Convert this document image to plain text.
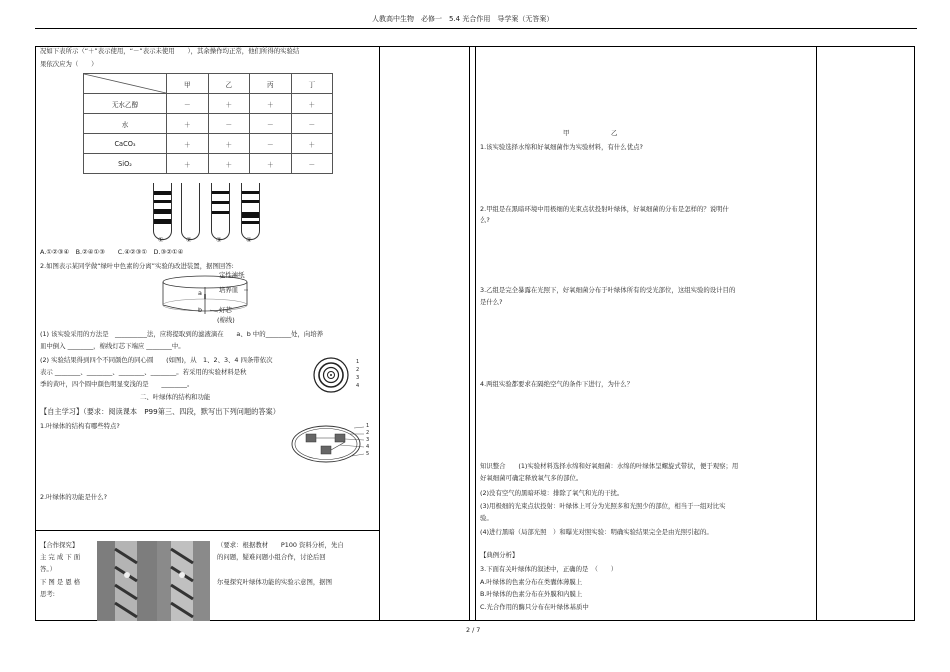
人教高中生物　必修一　5.4 光合作用　导学案（无答案）
况如下表所示（“＋”表示使用，“－”表示未使用　　），其余操作均正常，他们所得的实验结
果依次应为（　　）
	甲	乙	丙	丁
无水乙醇	－	＋	＋	＋
水	＋	－	－	－
CaCO₃	＋	＋	－	＋
SiO₂	＋	＋	＋	－
①	②	③	④
A.①②③④　B.②④①③　　C.④②③①　D.③②①④
2.如图表示某同学做“绿叶中色素的分离”实验的改进装置，据图回答:
定性滤纸
培养皿
灯芯
(棉线)
a
b
(1) 该实验采用的方法是　__________法，应将提取到的滤液滴在　　a、b 中的________处，向培养
皿中倒入 ________，棉线灯芯下端应 ________中。
(2) 实验结果得到四个不同颜色的同心圆　　(如图)，从　1、2、3、4 四条带依次
表示 ________、________、________、________。若采用的实验材料是秋
季的黄叶，四个圆中颜色明显变浅的是　　________。
1
2
3
4
二、叶绿体的结构和功能
【自主学习】（要求：阅读课本　P99第三、四段，默写出下列问题的答案）
1.叶绿体的结构有哪些特点?	1
2
3
4
5
2.叶绿体的功能是什么?
【合作探究】
主 完 成 下 面
答。）
下 图 是 恩 格
思考:
（要求：根据教材　　P100 资料分析，先自
的问题，疑难问题小组合作，讨论后回
尔曼探究叶绿体功能的实验示意图，据图
甲	乙
1.该实验选择水绵和好氧细菌作为实验材料，有什么优点?
2.甲组是在黑暗环境中用极细的光束点状投射叶绿体，好氧细菌的分布是怎样的？说明什
么?
3.乙组是完全暴露在光照下，好氧细菌分布于叶绿体所有的受光部位，这组实验的设计目的
是什么?
4.两组实验都要求在隔绝空气的条件下进行，为什么？
知识整合　　(1)实验材料选择水绵和好氧细菌：水绵的叶绿体呈螺旋式带状，便于观察；用
好氧细菌可确定释放氧气多的部位。
(2)没有空气的黑暗环境：排除了氧气和光的干扰。
(3)用极细的光束点状投射：叶绿体上可分为光照多和光照少的部位，相当于一组对比实
验。
(4)进行黑暗（局部光照　）和曝光对照实验：明确实验结果完全是由光照引起的。
【典例分析】
3.下面有关叶绿体的叙述中，正确的是　（　　）
A.叶绿体的色素分布在类囊体薄膜上
B.叶绿体的色素分布在外膜和内膜上
C.光合作用的酶只分布在叶绿体基质中
2 / 7
